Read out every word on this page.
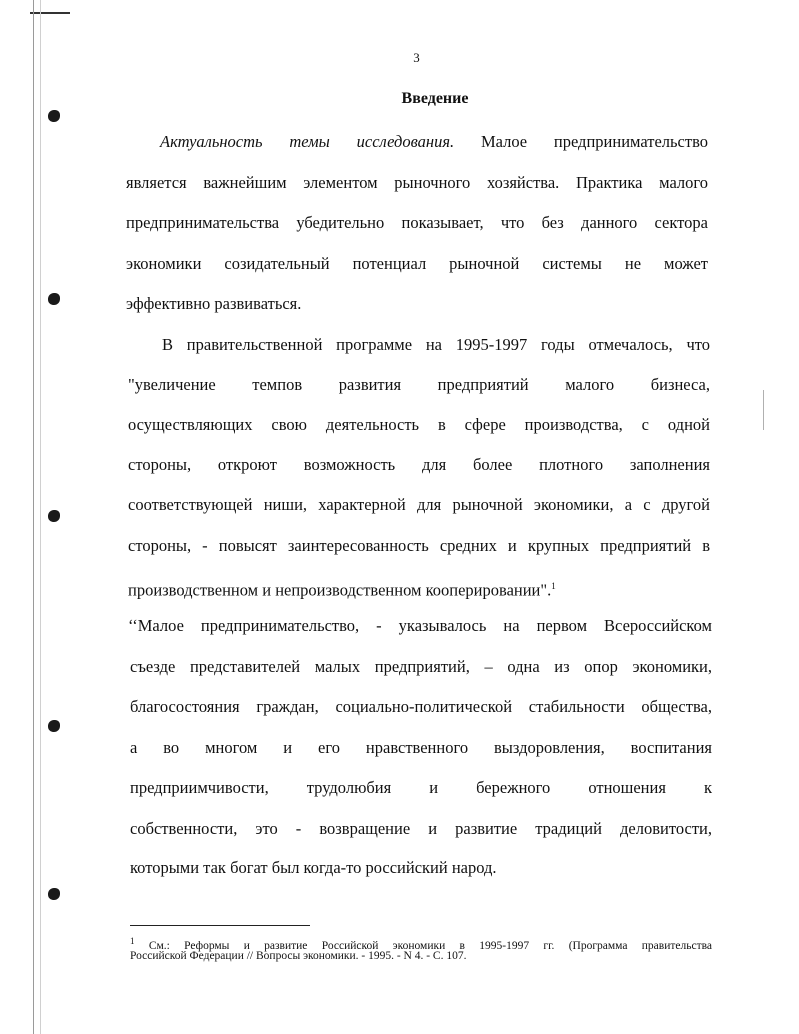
3
Введение
Актуальность темы исследования. Малое предпринимательство
является важнейшим элементом рыночного хозяйства. Практика малого
предпринимательства убедительно показывает, что без данного сектора
экономики созидательный потенциал рыночной системы не может
эффективно развиваться.
В правительственной программе на 1995-1997 годы отмечалось, что
"увеличение темпов развития предприятий малого бизнеса,
осуществляющих свою деятельность в сфере производства, с одной
стороны, откроют возможность для более плотного заполнения
соответствующей ниши, характерной для рыночной экономики, а с другой
стороны, - повысят заинтересованность средних и крупных предприятий в
производственном и непроизводственном кооперировании".$^1$
‘‘Малое предпринимательство, - указывалось на первом Всероссийском
съезде представителей малых предприятий, – одна из опор экономики,
благосостояния граждан, социально-политической стабильности общества,
а во многом и его нравственного выздоровления, воспитания
предприимчивости, трудолюбия и бережного отношения к
собственности, это - возвращение и развитие традиций деловитости,
которыми так богат был когда-то российский народ.
$^1$ См.: Реформы и развитие Российской экономики в 1995-1997 гг. (Программа правительства
Российской Федерации // Вопросы экономики. - 1995. - N 4. - С. 107.
